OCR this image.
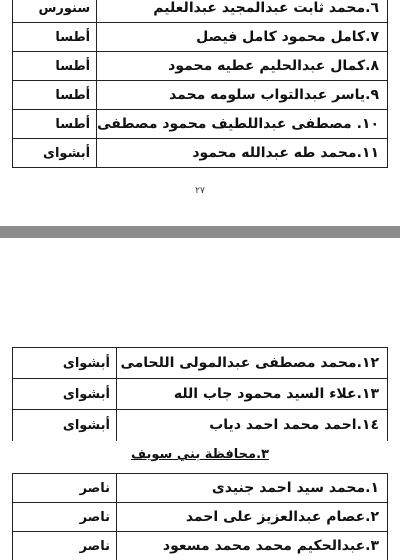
٦.محمد ثابت عبدالمجيد عبدالعليم	سنورس
٧.كامل محمود كامل فيصل	أطسا
٨.كمال عبدالحليم عطيه محمود	أطسا
٩.ياسر عبدالتواب سلومه محمد	أطسا
١٠. مصطفى عبداللطيف محمود مصطفى	أطسا
١١.محمد طه عبدالله محمود	أبشواى
٢٧
١٢.محمد مصطفى عبدالمولى اللحامى	أبشواى
١٣.علاء السيد محمود جاب الله	أبشواى
١٤.احمد محمد احمد دياب	أبشواى
٣.محافظة بني سويف
١.محمد سيد احمد جنيدى	ناصر
٢.عصام عبدالعزيز على احمد	ناصر
٣.عبدالحكيم محمد محمد مسعود	ناصر
